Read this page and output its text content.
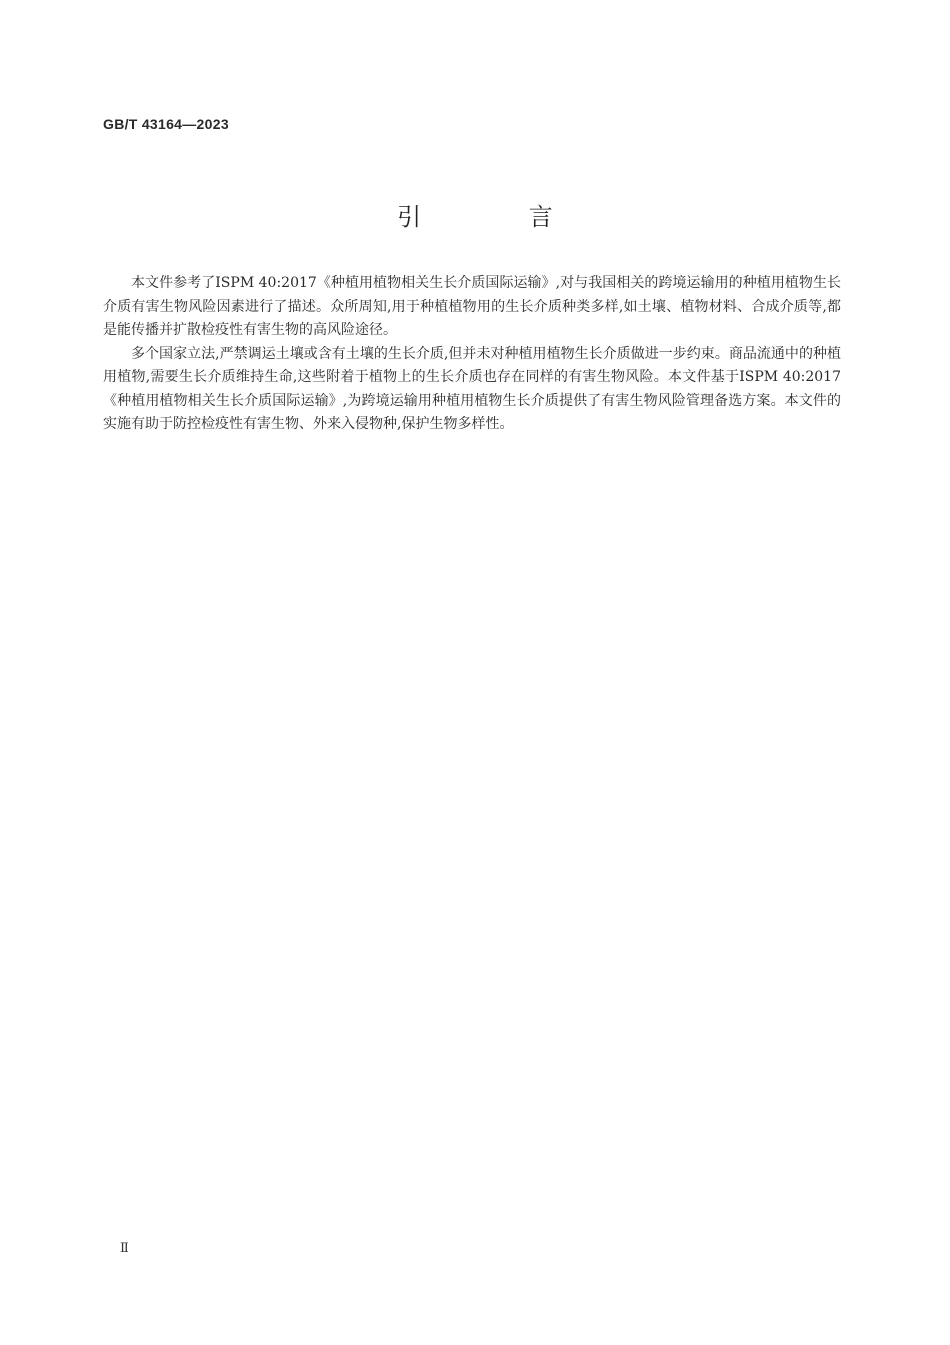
GB/T 43164—2023
引 言

本文件参考了ISPM 40:2017《种植用植物相关生长介质国际运输》,对与我国相关的跨境运输用的种植用植物生长介质有害生物风险因素进行了描述。众所周知,用于种植植物用的生长介质种类多样,如土壤、植物材料、合成介质等,都是能传播并扩散检疫性有害生物的高风险途径。

多个国家立法,严禁调运土壤或含有土壤的生长介质,但并未对种植用植物生长介质做进一步约束。商品流通中的种植用植物,需要生长介质维持生命,这些附着于植物上的生长介质也存在同样的有害生物风险。本文件基于ISPM 40:2017《种植用植物相关生长介质国际运输》,为跨境运输用种植用植物生长介质提供了有害生物风险管理备选方案。本文件的实施有助于防控检疫性有害生物、外来入侵物种,保护生物多样性。

Ⅱ
